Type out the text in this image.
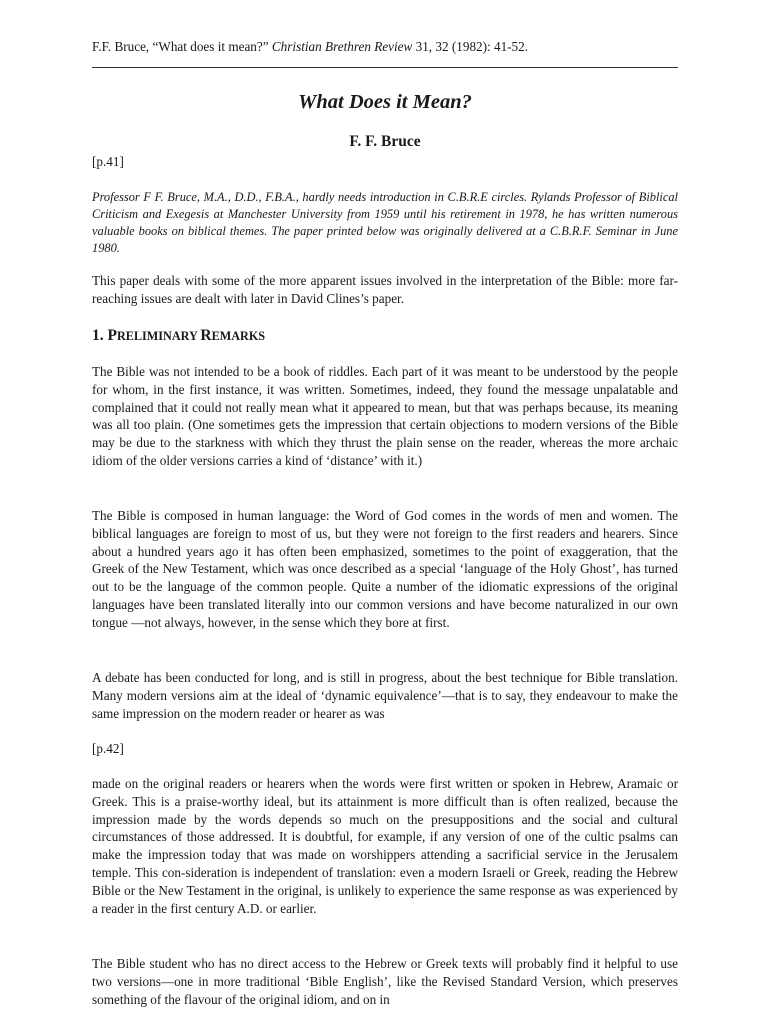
F.F. Bruce, “What does it mean?” Christian Brethren Review 31, 32 (1982): 41-52.
What Does it Mean?
F. F. Bruce
[p.41]
Professor F F. Bruce, M.A., D.D., F.B.A., hardly needs introduction in C.B.R.E circles. Rylands Professor of Biblical Criticism and Exegesis at Manchester University from 1959 until his retirement in 1978, he has written numerous valuable books on biblical themes. The paper printed below was originally delivered at a C.B.R.F. Seminar in June 1980.
This paper deals with some of the more apparent issues involved in the interpretation of the Bible: more far-reaching issues are dealt with later in David Clines’s paper.
1. PRELIMINARY REMARKS
The Bible was not intended to be a book of riddles. Each part of it was meant to be understood by the people for whom, in the first instance, it was written. Sometimes, indeed, they found the message unpalatable and complained that it could not really mean what it appeared to mean, but that was perhaps because, its meaning was all too plain. (One sometimes gets the impression that certain objections to modern versions of the Bible may be due to the starkness with which they thrust the plain sense on the reader, whereas the more archaic idiom of the older versions carries a kind of ‘distance’ with it.)
The Bible is composed in human language: the Word of God comes in the words of men and women. The biblical languages are foreign to most of us, but they were not foreign to the first readers and hearers. Since about a hundred years ago it has often been emphasized, sometimes to the point of exaggeration, that the Greek of the New Testament, which was once described as a special ‘language of the Holy Ghost’, has turned out to be the language of the common people. Quite a number of the idiomatic expressions of the original languages have been translated literally into our common versions and have become naturalized in our own tongue —not always, however, in the sense which they bore at first.
A debate has been conducted for long, and is still in progress, about the best technique for Bible translation. Many modern versions aim at the ideal of ‘dynamic equivalence’—that is to say, they endeavour to make the same impression on the modern reader or hearer as was
[p.42]
made on the original readers or hearers when the words were first written or spoken in Hebrew, Aramaic or Greek. This is a praise-worthy ideal, but its attainment is more difficult than is often realized, because the impression made by the words depends so much on the presuppositions and the social and cultural circumstances of those addressed. It is doubtful, for example, if any version of one of the cultic psalms can make the impression today that was made on worshippers attending a sacrificial service in the Jerusalem temple. This con-sideration is independent of translation: even a modern Israeli or Greek, reading the Hebrew Bible or the New Testament in the original, is unlikely to experience the same response as was experienced by a reader in the first century A.D. or earlier.
The Bible student who has no direct access to the Hebrew or Greek texts will probably find it helpful to use two versions—one in more traditional ‘Bible English’, like the Revised Standard Version, which preserves something of the flavour of the original idiom, and on in
